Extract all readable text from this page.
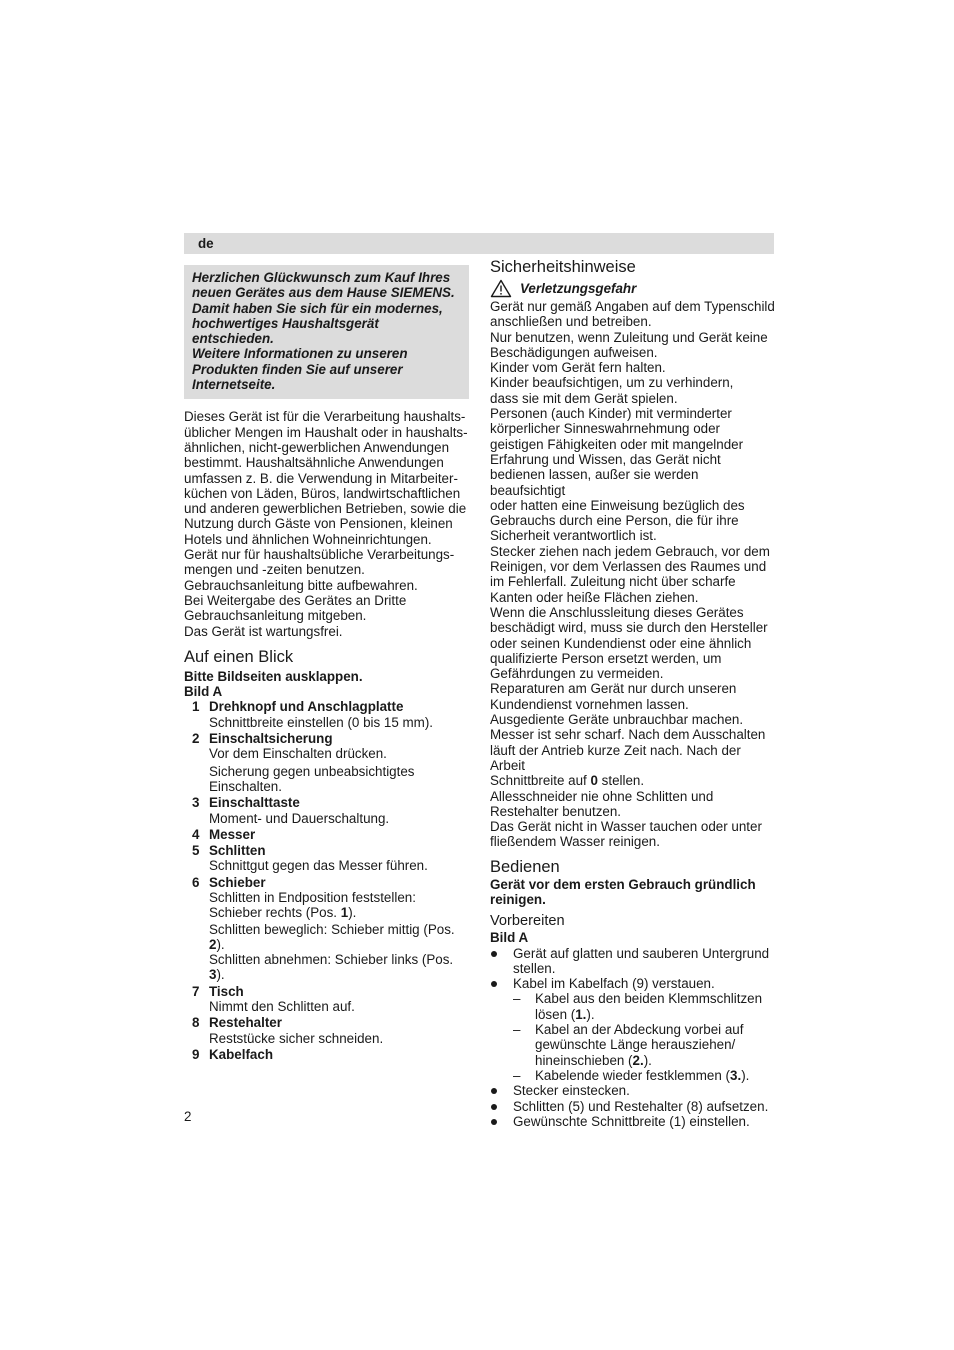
de

Herzlichen Glückwunsch zum Kauf Ihres

neuen Gerätes aus dem Hause SIEMENS.

Damit haben Sie sich für ein modernes,

hochwertiges Haushaltsgerät entschieden.

Weitere Informationen zu unseren

Produkten finden Sie auf unserer

Internetseite.

Dieses Gerät ist für die Verarbeitung haushalts-

üblicher Mengen im Haushalt oder in haushalts-

ähnlichen, nicht-gewerblichen Anwendungen

bestimmt. Haushaltsähnliche Anwendungen

umfassen z. B. die Verwendung in Mitarbeiter-

küchen von Läden, Büros, landwirtschaftlichen

und anderen gewerblichen Betrieben, sowie die

Nutzung durch Gäste von Pensionen, kleinen

Hotels und ähnlichen Wohneinrichtungen.

Gerät nur für haushaltsübliche Verarbeitungs-

mengen und -zeiten benutzen.

Gebrauchsanleitung bitte aufbewahren.

Bei Weitergabe des Gerätes an Dritte

Gebrauchsanleitung mitgeben.

Das Gerät ist wartungsfrei.

Auf einen Blick

Bitte Bildseiten ausklappen.

Bild A

1 Drehknopf und Anschlagplatte
Schnittbreite einstellen (0 bis 15 mm).
2 Einschaltsicherung
Vor dem Einschalten drücken.
Sicherung gegen unbeabsichtigtes Einschalten.
3 Einschalttaste
Moment- und Dauerschaltung.
4 Messer
5 Schlitten
Schnittgut gegen das Messer führen.
6 Schieber
Schlitten in Endposition feststellen:
Schieber rechts (Pos. 1).
Schlitten beweglich: Schieber mittig (Pos. 2).
Schlitten abnehmen: Schieber links (Pos. 3).
7 Tisch
Nimmt den Schlitten auf.
8 Restehalter
Reststücke sicher schneiden.
9 Kabelfach
Sicherheitshinweise
Verletzungsgefahr

Gerät nur gemäß Angaben auf dem Typenschild

anschließen und betreiben.

Nur benutzen, wenn Zuleitung und Gerät keine

Beschädigungen aufweisen.

Kinder vom Gerät fern halten.

Kinder beaufsichtigen, um zu verhindern,

dass sie mit dem Gerät spielen.

Personen (auch Kinder) mit verminderter

körperlicher Sinneswahrnehmung oder

geistigen Fähigkeiten oder mit mangelnder

Erfahrung und Wissen, das Gerät nicht

bedienen lassen, außer sie werden beaufsichtigt

oder hatten eine Einweisung bezüglich des

Gebrauchs durch eine Person, die für ihre

Sicherheit verantwortlich ist.

Stecker ziehen nach jedem Gebrauch, vor dem

Reinigen, vor dem Verlassen des Raumes und

im Fehlerfall. Zuleitung nicht über scharfe

Kanten oder heiße Flächen ziehen.

Wenn die Anschlussleitung dieses Gerätes

beschädigt wird, muss sie durch den Hersteller

oder seinen Kundendienst oder eine ähnlich

qualifizierte Person ersetzt werden, um

Gefährdungen zu vermeiden.

Reparaturen am Gerät nur durch unseren

Kundendienst vornehmen lassen.

Ausgediente Geräte unbrauchbar machen.

Messer ist sehr scharf. Nach dem Ausschalten

läuft der Antrieb kurze Zeit nach. Nach der Arbeit

Schnittbreite auf 0 stellen.

Allesschneider nie ohne Schlitten und

Restehalter benutzen.

Das Gerät nicht in Wasser tauchen oder unter

fließendem Wasser reinigen.

Bedienen

Gerät vor dem ersten Gebrauch gründlich reinigen.

Vorbereiten

Bild A

Gerät auf glatten und sauberen Untergrund stellen.
Kabel im Kabelfach (9) verstauen.
– Kabel aus den beiden Klemmschlitzen lösen (1.).
– Kabel an der Abdeckung vorbei auf gewünschte Länge herausziehen/ hineinschieben (2.).
– Kabelende wieder festklemmen (3.).
Stecker einstecken.
Schlitten (5) und Restehalter (8) aufsetzen.
Gewünschte Schnittbreite (1) einstellen.
2
